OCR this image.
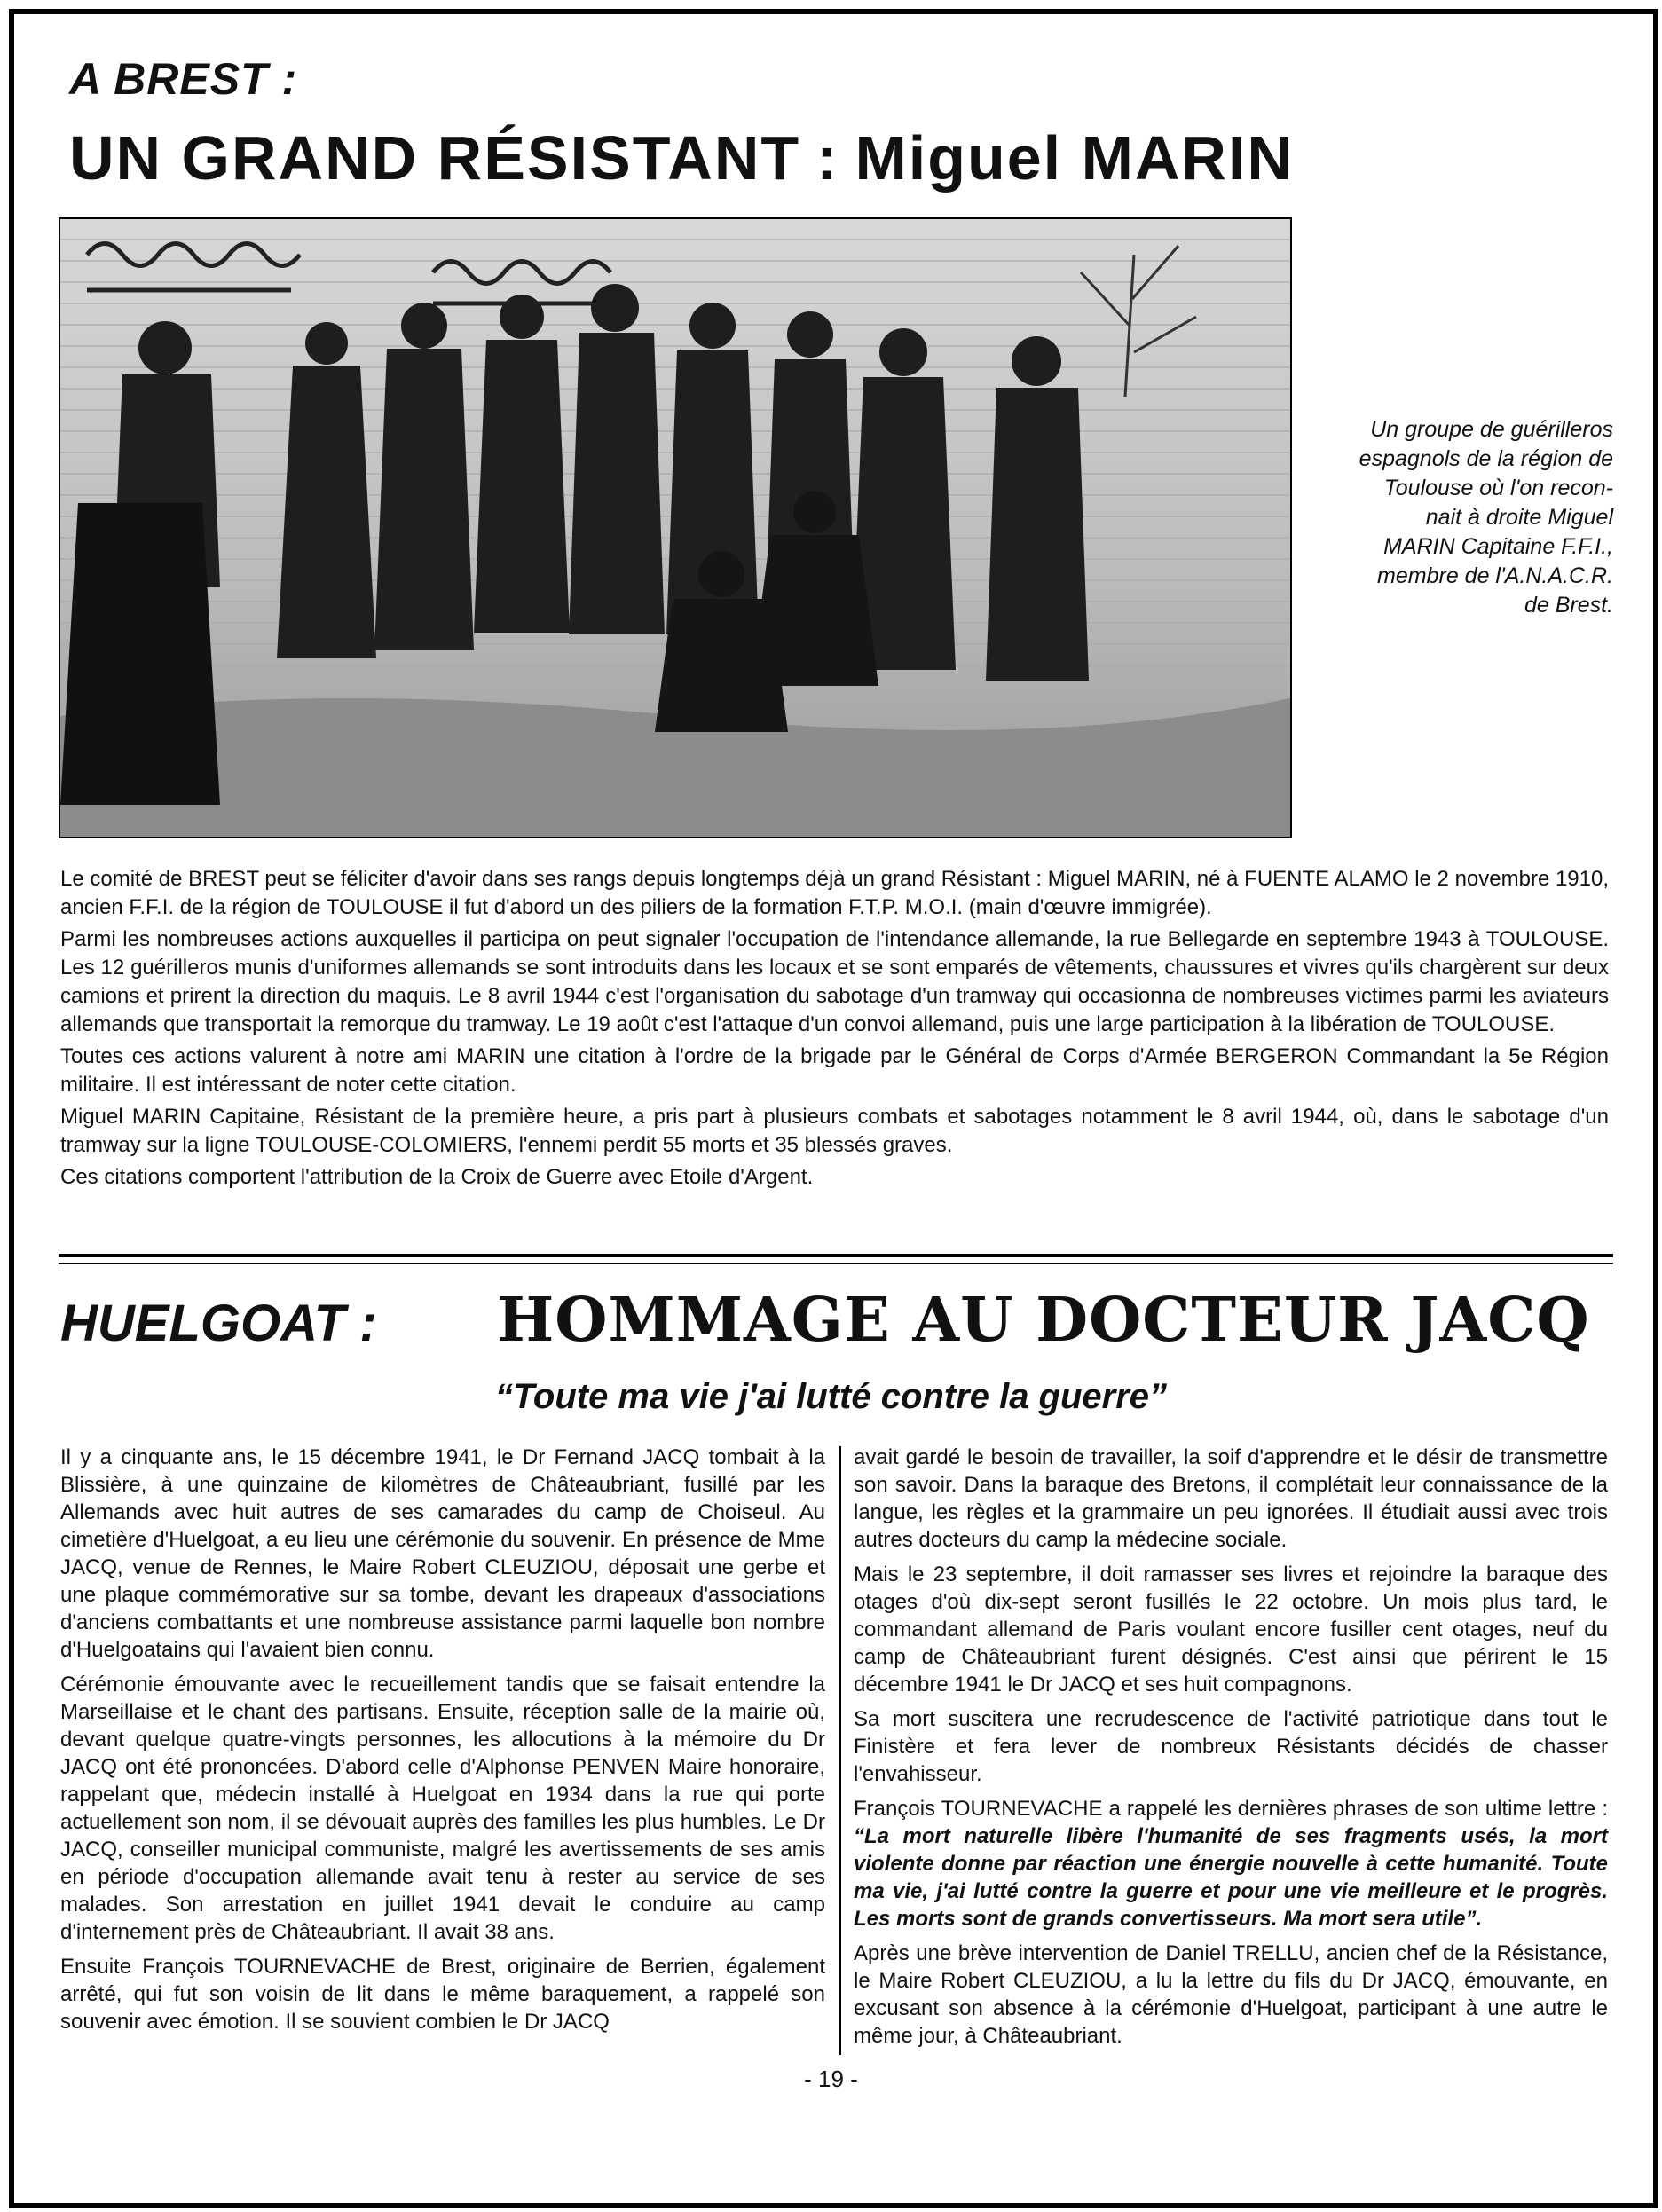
A BREST :
UN GRAND RÉSISTANT : Miguel MARIN
Un groupe de guérilleros
espagnols de la région de
Toulouse où l'on recon-
nait à droite Miguel
MARIN Capitaine F.F.I.,
membre de l'A.N.A.C.R.
de Brest.

Le comité de BREST peut se féliciter d'avoir dans ses rangs depuis longtemps déjà un grand Résistant : Miguel MARIN, né à FUENTE ALAMO le 2 novembre 1910, ancien F.F.I. de la région de TOULOUSE il fut d'abord un des piliers de la formation F.T.P. M.O.I. (main d'œuvre immigrée).

Parmi les nombreuses actions auxquelles il participa on peut signaler l'occupation de l'intendance allemande, la rue Bellegarde en septembre 1943 à TOULOUSE. Les 12 guérilleros munis d'uniformes allemands se sont introduits dans les locaux et se sont emparés de vêtements, chaussures et vivres qu'ils chargèrent sur deux camions et prirent la direction du maquis. Le 8 avril 1944 c'est l'organisation du sabotage d'un tramway qui occasionna de nombreuses victimes parmi les aviateurs allemands que transportait la remorque du tramway. Le 19 août c'est l'attaque d'un convoi allemand, puis une large participation à la libération de TOULOUSE.

Toutes ces actions valurent à notre ami MARIN une citation à l'ordre de la brigade par le Général de Corps d'Armée BERGERON Commandant la 5e Région militaire. Il est intéressant de noter cette citation.

Miguel MARIN Capitaine, Résistant de la première heure, a pris part à plusieurs combats et sabotages notamment le 8 avril 1944, où, dans le sabotage d'un tramway sur la ligne TOULOUSE-COLOMIERS, l'ennemi perdit 55 morts et 35 blessés graves.

Ces citations comportent l'attribution de la Croix de Guerre avec Etoile d'Argent.

HUELGOAT : HOMMAGE AU DOCTEUR JACQ
“Toute ma vie j'ai lutté contre la guerre”

Il y a cinquante ans, le 15 décembre 1941, le Dr Fernand JACQ tombait à la Blissière, à une quinzaine de kilomètres de Châteaubriant, fusillé par les Allemands avec huit autres de ses camarades du camp de Choiseul. Au cimetière d'Huelgoat, a eu lieu une cérémonie du souvenir. En présence de Mme JACQ, venue de Rennes, le Maire Robert CLEUZIOU, déposait une gerbe et une plaque commémorative sur sa tombe, devant les drapeaux d'associations d'anciens combattants et une nombreuse assistance parmi laquelle bon nombre d'Huelgoatains qui l'avaient bien connu.

Cérémonie émouvante avec le recueillement tandis que se faisait entendre la Marseillaise et le chant des partisans. Ensuite, réception salle de la mairie où, devant quelque quatre-vingts personnes, les allocutions à la mémoire du Dr JACQ ont été prononcées. D'abord celle d'Alphonse PENVEN Maire honoraire, rappelant que, médecin installé à Huelgoat en 1934 dans la rue qui porte actuellement son nom, il se dévouait auprès des familles les plus humbles. Le Dr JACQ, conseiller municipal communiste, malgré les avertissements de ses amis en période d'occupation allemande avait tenu à rester au service de ses malades. Son arrestation en juillet 1941 devait le conduire au camp d'internement près de Châteaubriant. Il avait 38 ans.

Ensuite François TOURNEVACHE de Brest, originaire de Berrien, également arrêté, qui fut son voisin de lit dans le même baraquement, a rappelé son souvenir avec émotion. Il se souvient combien le Dr JACQ

avait gardé le besoin de travailler, la soif d'apprendre et le désir de transmettre son savoir. Dans la baraque des Bretons, il complétait leur connaissance de la langue, les règles et la grammaire un peu ignorées. Il étudiait aussi avec trois autres docteurs du camp la médecine sociale.

Mais le 23 septembre, il doit ramasser ses livres et rejoindre la baraque des otages d'où dix-sept seront fusillés le 22 octobre. Un mois plus tard, le commandant allemand de Paris voulant encore fusiller cent otages, neuf du camp de Châteaubriant furent désignés. C'est ainsi que périrent le 15 décembre 1941 le Dr JACQ et ses huit compagnons.

Sa mort suscitera une recrudescence de l'activité patriotique dans tout le Finistère et fera lever de nombreux Résistants décidés de chasser l'envahisseur.

François TOURNEVACHE a rappelé les dernières phrases de son ultime lettre : “La mort naturelle libère l'humanité de ses fragments usés, la mort violente donne par réaction une énergie nouvelle à cette humanité. Toute ma vie, j'ai lutté contre la guerre et pour une vie meilleure et le progrès. Les morts sont de grands convertisseurs. Ma mort sera utile”.

Après une brève intervention de Daniel TRELLU, ancien chef de la Résistance, le Maire Robert CLEUZIOU, a lu la lettre du fils du Dr JACQ, émouvante, en excusant son absence à la cérémonie d'Huelgoat, participant à une autre le même jour, à Châteaubriant.

- 19 -
